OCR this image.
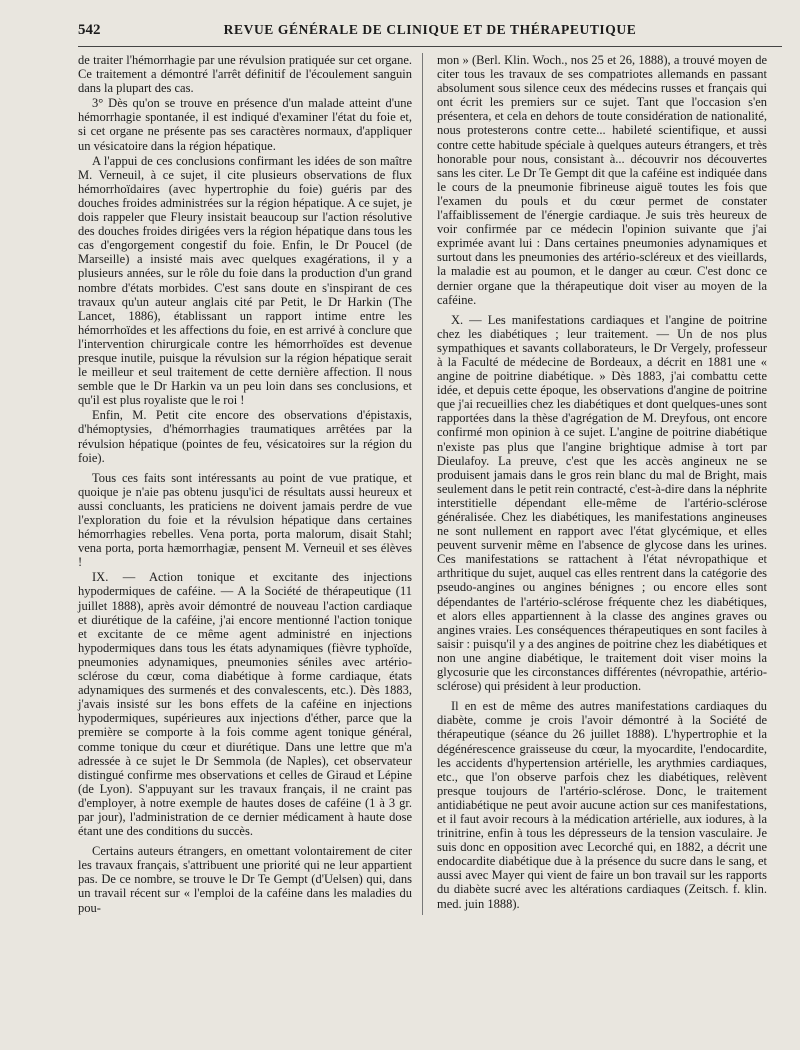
542	REVUE GÉNÉRALE DE CLINIQUE ET DE THÉRAPEUTIQUE

de traiter l'hémorrhagie par une révulsion pratiquée sur cet organe. Ce traitement a démontré l'arrêt définitif de l'écoulement sanguin dans la plupart des cas.

3° Dès qu'on se trouve en présence d'un malade atteint d'une hémorrhagie spontanée, il est indiqué d'examiner l'état du foie et, si cet organe ne présente pas ses caractères normaux, d'appliquer un vésicatoire dans la région hépatique.

A l'appui de ces conclusions confirmant les idées de son maître M. Verneuil, à ce sujet, il cite plusieurs observations de flux hémorrhoïdaires (avec hypertrophie du foie) guéris par des douches froides administrées sur la région hépatique. A ce sujet, je dois rappeler que Fleury insistait beaucoup sur l'action résolutive des douches froides dirigées vers la région hépatique dans tous les cas d'engorgement congestif du foie. Enfin, le Dr Poucel (de Marseille) a insisté mais avec quelques exagérations, il y a plusieurs années, sur le rôle du foie dans la production d'un grand nombre d'états morbides. C'est sans doute en s'inspirant de ces travaux qu'un auteur anglais cité par Petit, le Dr Harkin (The Lancet, 1886), établissant un rapport intime entre les hémorrhoïdes et les affections du foie, en est arrivé à conclure que l'intervention chirurgicale contre les hémorrhoïdes est devenue presque inutile, puisque la révulsion sur la région hépatique serait le meilleur et seul traitement de cette dernière affection. Il nous semble que le Dr Harkin va un peu loin dans ses conclusions, et qu'il est plus royaliste que le roi !

Enfin, M. Petit cite encore des observations d'épistaxis, d'hémoptysies, d'hémorrhagies traumatiques arrêtées par la révulsion hépatique (pointes de feu, vésicatoires sur la région du foie).

Tous ces faits sont intéressants au point de vue pratique, et quoique je n'aie pas obtenu jusqu'ici de résultats aussi heureux et aussi concluants, les praticiens ne doivent jamais perdre de vue l'exploration du foie et la révulsion hépatique dans certaines hémorrhagies rebelles. Vena porta, porta malorum, disait Stahl; vena porta, porta hæmorrhagiæ, pensent M. Verneuil et ses élèves !

IX. — Action tonique et excitante des injections hypodermiques de caféine. — A la Société de thérapeutique (11 juillet 1888), après avoir démontré de nouveau l'action cardiaque et diurétique de la caféine, j'ai encore mentionné l'action tonique et excitante de ce même agent administré en injections hypodermiques dans tous les états adynamiques (fièvre typhoïde, pneumonies adynamiques, pneumonies séniles avec artério-sclérose du cœur, coma diabétique à forme cardiaque, états adynamiques des surmenés et des convalescents, etc.). Dès 1883, j'avais insisté sur les bons effets de la caféine en injections hypodermiques, supérieures aux injections d'éther, parce que la première se comporte à la fois comme agent tonique général, comme tonique du cœur et diurétique. Dans une lettre que m'a adressée à ce sujet le Dr Semmola (de Naples), cet observateur distingué confirme mes observations et celles de Giraud et Lépine (de Lyon). S'appuyant sur les travaux français, il ne craint pas d'employer, à notre exemple de hautes doses de caféine (1 à 3 gr. par jour), l'administration de ce dernier médicament à haute dose étant une des conditions du succès.

Certains auteurs étrangers, en omettant volontairement de citer les travaux français, s'attribuent une priorité qui ne leur appartient pas. De ce nombre, se trouve le Dr Te Gempt (d'Uelsen) qui, dans un travail récent sur « l'emploi de la caféine dans les maladies du pou-

mon » (Berl. Klin. Woch., nos 25 et 26, 1888), a trouvé moyen de citer tous les travaux de ses compatriotes allemands en passant absolument sous silence ceux des médecins russes et français qui ont écrit les premiers sur ce sujet. Tant que l'occasion s'en présentera, et cela en dehors de toute considération de nationalité, nous protesterons contre cette... habileté scientifique, et aussi contre cette habitude spéciale à quelques auteurs étrangers, et très honorable pour nous, consistant à... découvrir nos découvertes sans les citer. Le Dr Te Gempt dit que la caféine est indiquée dans le cours de la pneumonie fibrineuse aiguë toutes les fois que l'examen du pouls et du cœur permet de constater l'affaiblissement de l'énergie cardiaque. Je suis très heureux de voir confirmée par ce médecin l'opinion suivante que j'ai exprimée avant lui : Dans certaines pneumonies adynamiques et surtout dans les pneumonies des artério-scléreux et des vieillards, la maladie est au poumon, et le danger au cœur. C'est donc ce dernier organe que la thérapeutique doit viser au moyen de la caféine.

X. — Les manifestations cardiaques et l'angine de poitrine chez les diabétiques ; leur traitement. — Un de nos plus sympathiques et savants collaborateurs, le Dr Vergely, professeur à la Faculté de médecine de Bordeaux, a décrit en 1881 une « angine de poitrine diabétique. » Dès 1883, j'ai combattu cette idée, et depuis cette époque, les observations d'angine de poitrine que j'ai recueillies chez les diabétiques et dont quelques-unes sont rapportées dans la thèse d'agrégation de M. Dreyfous, ont encore confirmé mon opinion à ce sujet. L'angine de poitrine diabétique n'existe pas plus que l'angine brightique admise à tort par Dieulafoy. La preuve, c'est que les accès angineux ne se produisent jamais dans le gros rein blanc du mal de Bright, mais seulement dans le petit rein contracté, c'est-à-dire dans la néphrite interstitielle dépendant elle-même de l'artério-sclérose généralisée. Chez les diabétiques, les manifestations angineuses ne sont nullement en rapport avec l'état glycémique, et elles peuvent survenir même en l'absence de glycose dans les urines. Ces manifestations se rattachent à l'état névropathique et arthritique du sujet, auquel cas elles rentrent dans la catégorie des pseudo-angines ou angines bénignes ; ou encore elles sont dépendantes de l'artério-sclérose fréquente chez les diabétiques, et alors elles appartiennent à la classe des angines graves ou angines vraies. Les conséquences thérapeutiques en sont faciles à saisir : puisqu'il y a des angines de poitrine chez les diabétiques et non une angine diabétique, le traitement doit viser moins la glycosurie que les circonstances différentes (névropathie, artério-sclérose) qui président à leur production.

Il en est de même des autres manifestations cardiaques du diabète, comme je crois l'avoir démontré à la Société de thérapeutique (séance du 26 juillet 1888). L'hypertrophie et la dégénérescence graisseuse du cœur, la myocardite, l'endocardite, les accidents d'hypertension artérielle, les arythmies cardiaques, etc., que l'on observe parfois chez les diabétiques, relèvent presque toujours de l'artério-sclérose. Donc, le traitement antidiabétique ne peut avoir aucune action sur ces manifestations, et il faut avoir recours à la médication artérielle, aux iodures, à la trinitrine, enfin à tous les dépresseurs de la tension vasculaire. Je suis donc en opposition avec Lecorché qui, en 1882, a décrit une endocardite diabétique due à la présence du sucre dans le sang, et aussi avec Mayer qui vient de faire un bon travail sur les rapports du diabète sucré avec les altérations cardiaques (Zeitsch. f. klin. med. juin 1888).
